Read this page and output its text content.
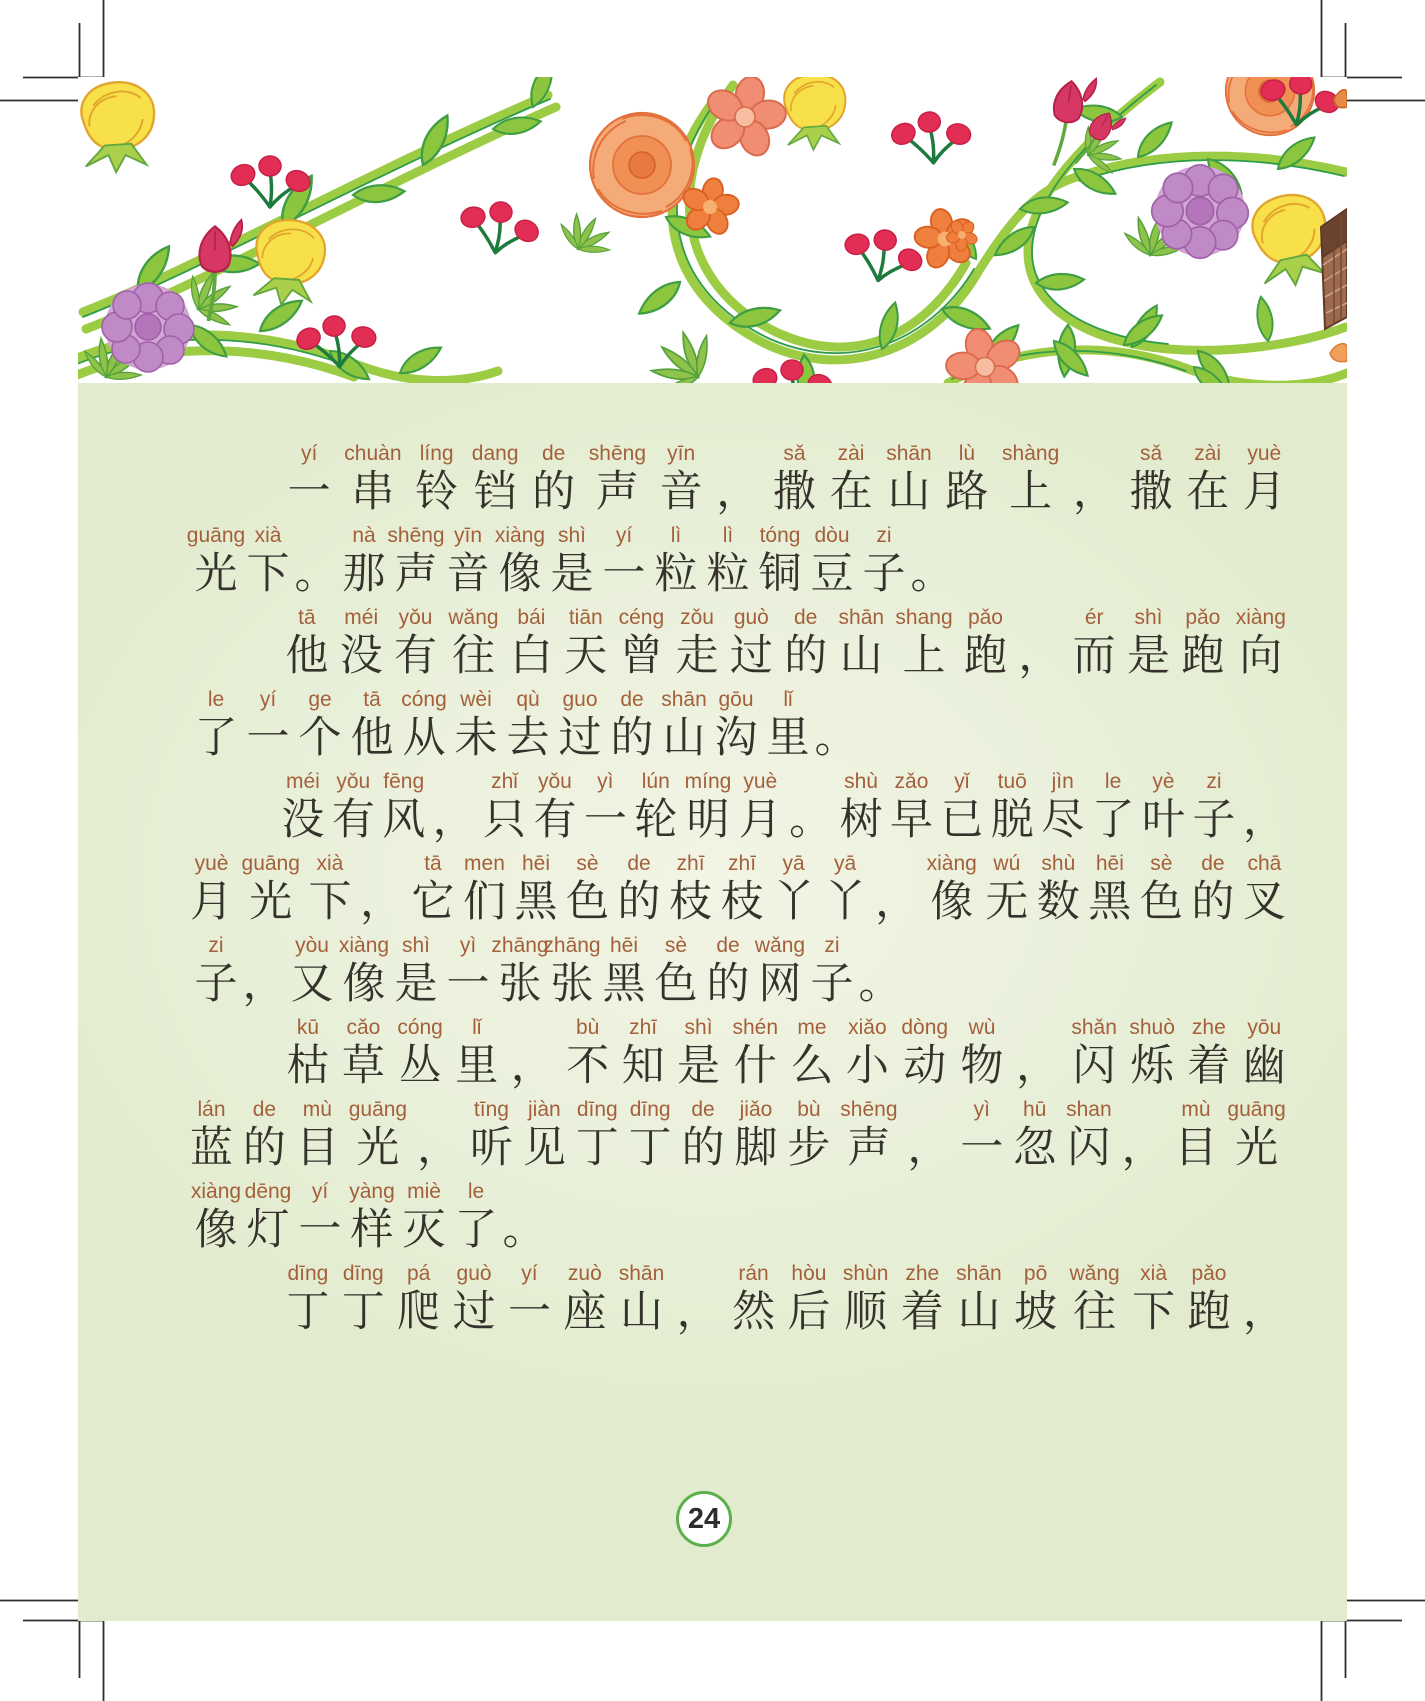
yí
一
chuàn
串
líng
铃
dang
铛
de
的
shēng
声
yīn
音 ，
sǎ
撒
zài
在
shān
山
lù
路
shàng
上 ，
sǎ
撒
zài
在
yuè
月
guāng
光
xià
下 。
nà
那
shēng
声
yīn
音
xiàng
像
shì
是
yí
一
lì
粒
lì
粒
tóng
铜
dòu
豆
zi
子 。
tā
他
méi
没
yǒu
有
wǎng
往
bái
白
tiān
天
céng
曾
zǒu
走
guò
过
de
的
shān
山
shang
上
pǎo
跑 ，
ér
而
shì
是
pǎo
跑
xiàng
向
le
了
yí
一
ge
个
tā
他
cóng
从
wèi
未
qù
去
guo
过
de
的
shān
山
gōu
沟
lǐ
里 。
méi
没
yǒu
有
fēng
风 ，
zhǐ
只
yǒu
有
yì
一
lún
轮
míng
明
yuè
月 。
shù
树
zǎo
早
yǐ
已
tuō
脱
jìn
尽
le
了
yè
叶
zi
子 ，
yuè
月
guāng
光
xià
下 ，
tā
它
men
们
hēi
黑
sè
色
de
的
zhī
枝
zhī
枝
yā
丫
yā
丫 ，
xiàng
像
wú
无
shù
数
hēi
黑
sè
色
de
的
chā
叉
zi
子 ，
yòu
又
xiàng
像
shì
是
yì
一
zhāng
张
zhāng
张
hēi
黑
sè
色
de
的
wǎng
网
zi
子 。
kū
枯
cǎo
草
cóng
丛
lǐ
里 ，
bù
不
zhī
知
shì
是
shén
什
me
么
xiǎo
小
dòng
动
wù
物 ，
shǎn
闪
shuò
烁
zhe
着
yōu
幽
lán
蓝
de
的
mù
目
guāng
光 ，
tīng
听
jiàn
见
dīng
丁
dīng
丁
de
的
jiǎo
脚
bù
步
shēng
声 ，
yì
一
hū
忽
shan
闪 ，
mù
目
guāng
光
xiàng
像
dēng
灯
yí
一
yàng
样
miè
灭
le
了 。
dīng
丁
dīng
丁
pá
爬
guò
过
yí
一
zuò
座
shān
山 ，
rán
然
hòu
后
shùn
顺
zhe
着
shān
山
pō
坡
wǎng
往
xià
下
pǎo
跑 ，
24
